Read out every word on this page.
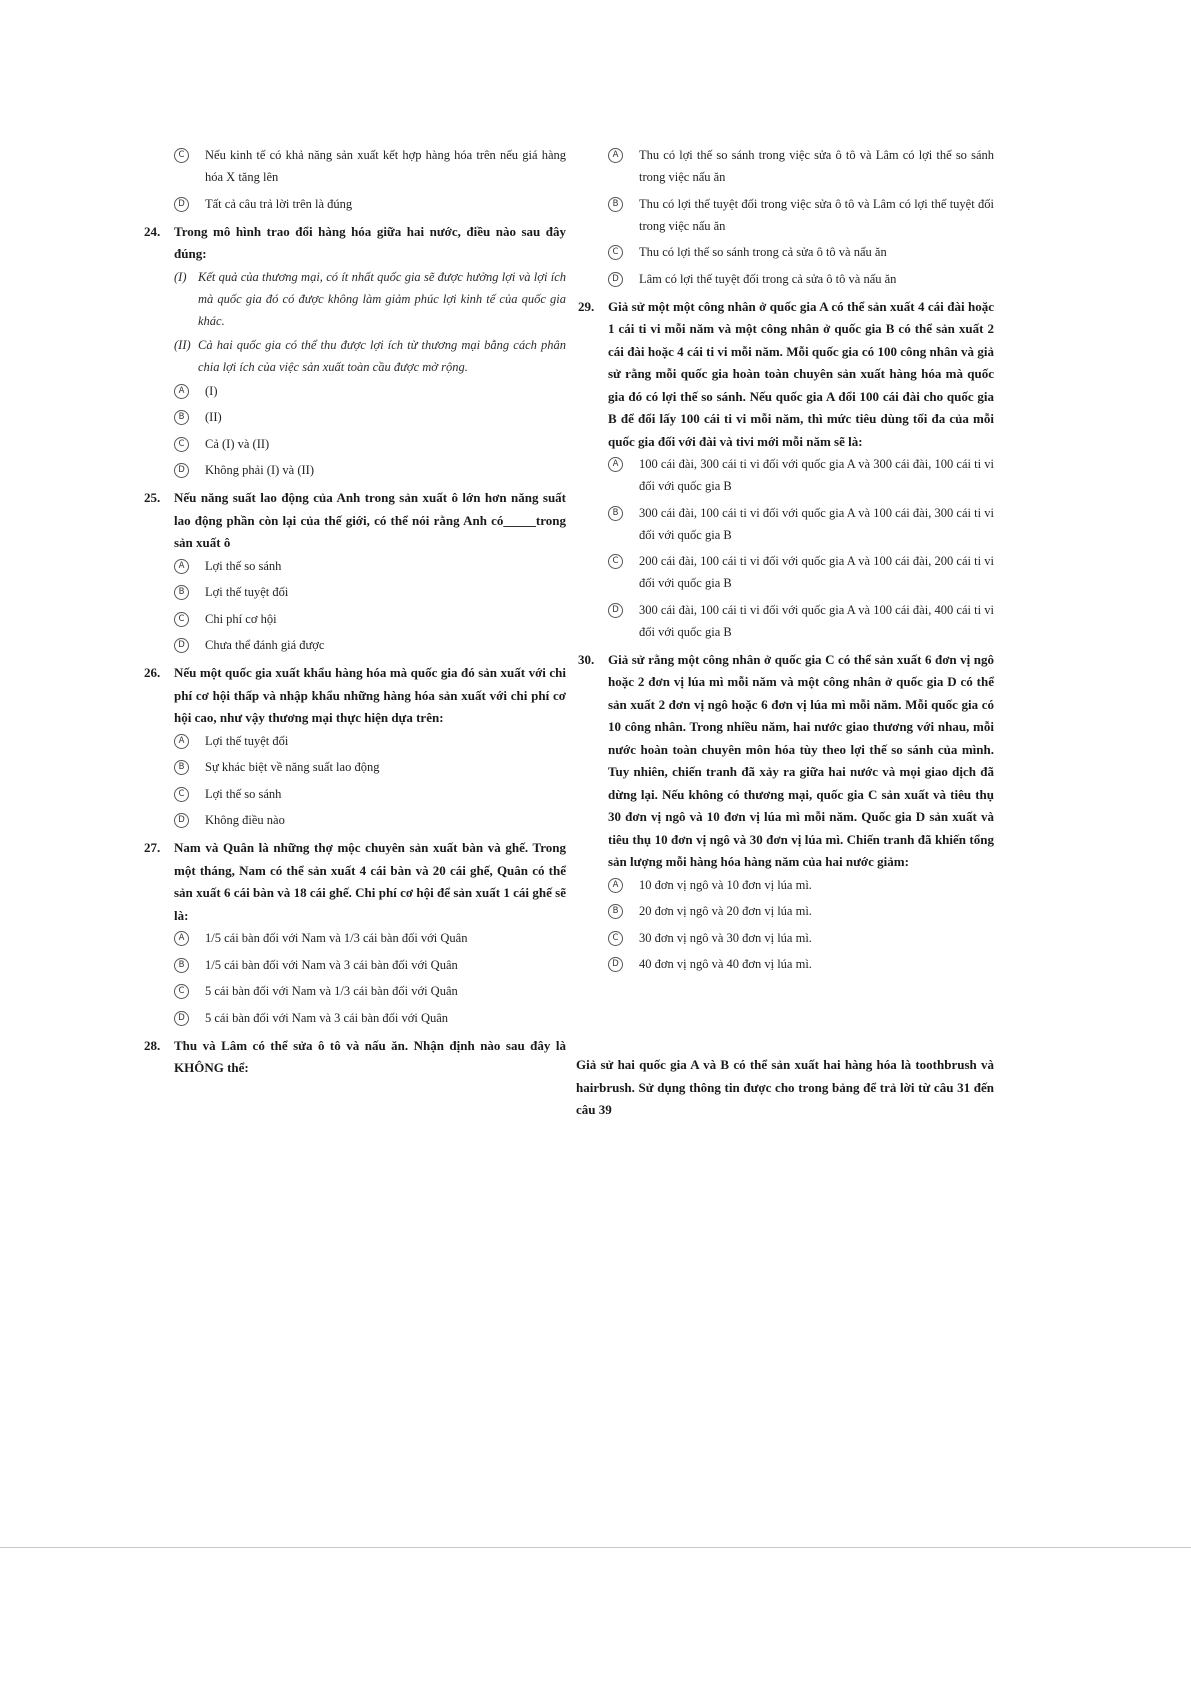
C	Nếu kinh tế có khả năng sản xuất kết hợp hàng hóa trên nếu giá hàng hóa X tăng lên
D	Tất cả câu trả lời trên là đúng
24. Trong mô hình trao đổi hàng hóa giữa hai nước, điều nào sau đây đúng:
(I) Kết quả của thương mại, có ít nhất quốc gia sẽ được hưởng lợi và lợi ích mà quốc gia đó có được không làm giảm phúc lợi kinh tế của quốc gia khác.
(II) Cả hai quốc gia có thể thu được lợi ích từ thương mại bằng cách phân chia lợi ích của việc sản xuất toàn cầu được mở rộng.
A	(I)
B	(II)
C	Cả (I) và (II)
D	Không phải (I) và (II)
25. Nếu năng suất lao động của Anh trong sản xuất ô lớn hơn năng suất lao động phần còn lại của thế giới, có thể nói rằng Anh có_____trong sản xuất ô
A	Lợi thế so sánh
B	Lợi thế tuyệt đối
C	Chi phí cơ hội
D	Chưa thể đánh giá được
26. Nếu một quốc gia xuất khẩu hàng hóa mà quốc gia đó sản xuất với chi phí cơ hội thấp và nhập khẩu những hàng hóa sản xuất với chi phí cơ hội cao, như vậy thương mại thực hiện dựa trên:
A	Lợi thế tuyệt đối
B	Sự khác biệt về năng suất lao động
C	Lợi thế so sánh
D	Không điều nào
27. Nam và Quân là những thợ mộc chuyên sản xuất bàn và ghế. Trong một tháng, Nam có thể sản xuất 4 cái bàn và 20 cái ghế, Quân có thể sản xuất 6 cái bàn và 18 cái ghế. Chi phí cơ hội để sản xuất 1 cái ghế sẽ là:
A	1/5 cái bàn đối với Nam và 1/3 cái bàn đối với Quân
B	1/5 cái bàn đối với Nam và 3 cái bàn đối với Quân
C	5 cái bàn đối với Nam và 1/3 cái bàn đối với Quân
D	5 cái bàn đối với Nam và 3 cái bàn đối với Quân
28. Thu và Lâm có thể sửa ô tô và nấu ăn. Nhận định nào sau đây là KHÔNG thể:
A	Thu có lợi thế so sánh trong việc sửa ô tô và Lâm có lợi thế so sánh trong việc nấu ăn
B	Thu có lợi thế tuyệt đối trong việc sửa ô tô và Lâm có lợi thế tuyệt đối trong việc nấu ăn
C	Thu có lợi thế so sánh trong cả sửa ô tô và nấu ăn
D	Lâm có lợi thế tuyệt đối trong cả sửa ô tô và nấu ăn
29. Giả sử một một công nhân ở quốc gia A có thể sản xuất 4 cái đài hoặc 1 cái ti vi mỗi năm và một công nhân ở quốc gia B có thể sản xuất 2 cái đài hoặc 4 cái ti vi mỗi năm. Mỗi quốc gia có 100 công nhân và giả sử rằng mỗi quốc gia hoàn toàn chuyên sản xuất hàng hóa mà quốc gia đó có lợi thế so sánh. Nếu quốc gia A đổi 100 cái đài cho quốc gia B để đổi lấy 100 cái ti vi mỗi năm, thì mức tiêu dùng tối đa của mỗi quốc gia đối với đài và tivi mới mỗi năm sẽ là:
A	100 cái đài, 300 cái ti vi đối với quốc gia A và 300 cái đài, 100 cái ti vi đối với quốc gia B
B	300 cái đài, 100 cái ti vi đối với quốc gia A và 100 cái đài, 300 cái ti vi đối với quốc gia B
C	200 cái đài, 100 cái ti vi đối với quốc gia A và 100 cái đài, 200 cái ti vi đối với quốc gia B
D	300 cái đài, 100 cái ti vi đối với quốc gia A và 100 cái đài, 400 cái ti vi đối với quốc gia B
30. Giả sử rằng một công nhân ở quốc gia C có thể sản xuất 6 đơn vị ngô hoặc 2 đơn vị lúa mì mỗi năm và một công nhân ở quốc gia D có thể sản xuất 2 đơn vị ngô hoặc 6 đơn vị lúa mì mỗi năm. Mỗi quốc gia có 10 công nhân. Trong nhiều năm, hai nước giao thương với nhau, mỗi nước hoàn toàn chuyên môn hóa tùy theo lợi thế so sánh của mình. Tuy nhiên, chiến tranh đã xảy ra giữa hai nước và mọi giao dịch đã dừng lại. Nếu không có thương mại, quốc gia C sản xuất và tiêu thụ 30 đơn vị ngô và 10 đơn vị lúa mì mỗi năm. Quốc gia D sản xuất và tiêu thụ 10 đơn vị ngô và 30 đơn vị lúa mì. Chiến tranh đã khiến tổng sản lượng mỗi hàng hóa hàng năm của hai nước giảm:
A	10 đơn vị ngô và 10 đơn vị lúa mì.
B	20 đơn vị ngô và 20 đơn vị lúa mì.
C	30 đơn vị ngô và 30 đơn vị lúa mì.
D	40 đơn vị ngô và 40 đơn vị lúa mì.
Giả sử hai quốc gia A và B có thể sản xuất hai hàng hóa là toothbrush và hairbrush. Sử dụng thông tin được cho trong bảng để trả lời từ câu 31 đến câu 39
